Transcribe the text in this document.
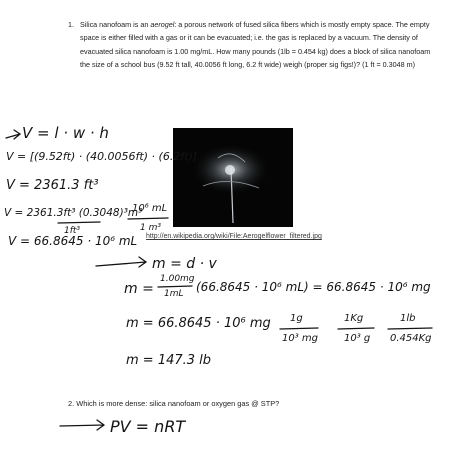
1. Silica nanofoam is an aerogel: a porous network of fused silica fibers which is mostly empty space. The empty space is either filled with a gas or it can be evacuated; i.e. the gas is replaced by a vacuum. The density of evacuated silica nanofoam is 1.00 mg/mL. How many pounds (1lb = 0.454 kg) does a block of silica nanofoam the size of a school bus (9.52 ft tall, 40.0056 ft long, 6.2 ft wide) weigh (proper sig figs!)? (1 ft = 0.3048 m)
http://en.wikipedia.org/wiki/File:Aerogelflower_filtered.jpg
V = l · w · h
V = [(9.52ft) · (40.0056ft) · (6.2ft)]
V = 2361.3 ft³
V = 2361.3ft³ (0.3048)³m³
1ft³
10⁶ mL
1 m³
V = 66.8645 · 10⁶ mL
m = d · v
m =
1.00mg
1mL (66.8645 · 10⁶ mL) = 66.8645 · 10⁶ mg
m = 66.8645 · 10⁶ mg 1g
10³ mg
1Kg
10³ g
1lb
0.454Kg
m = 147.3 lb
2. Which is more dense: silica nanofoam or oxygen gas @ STP?
PV = nRT
